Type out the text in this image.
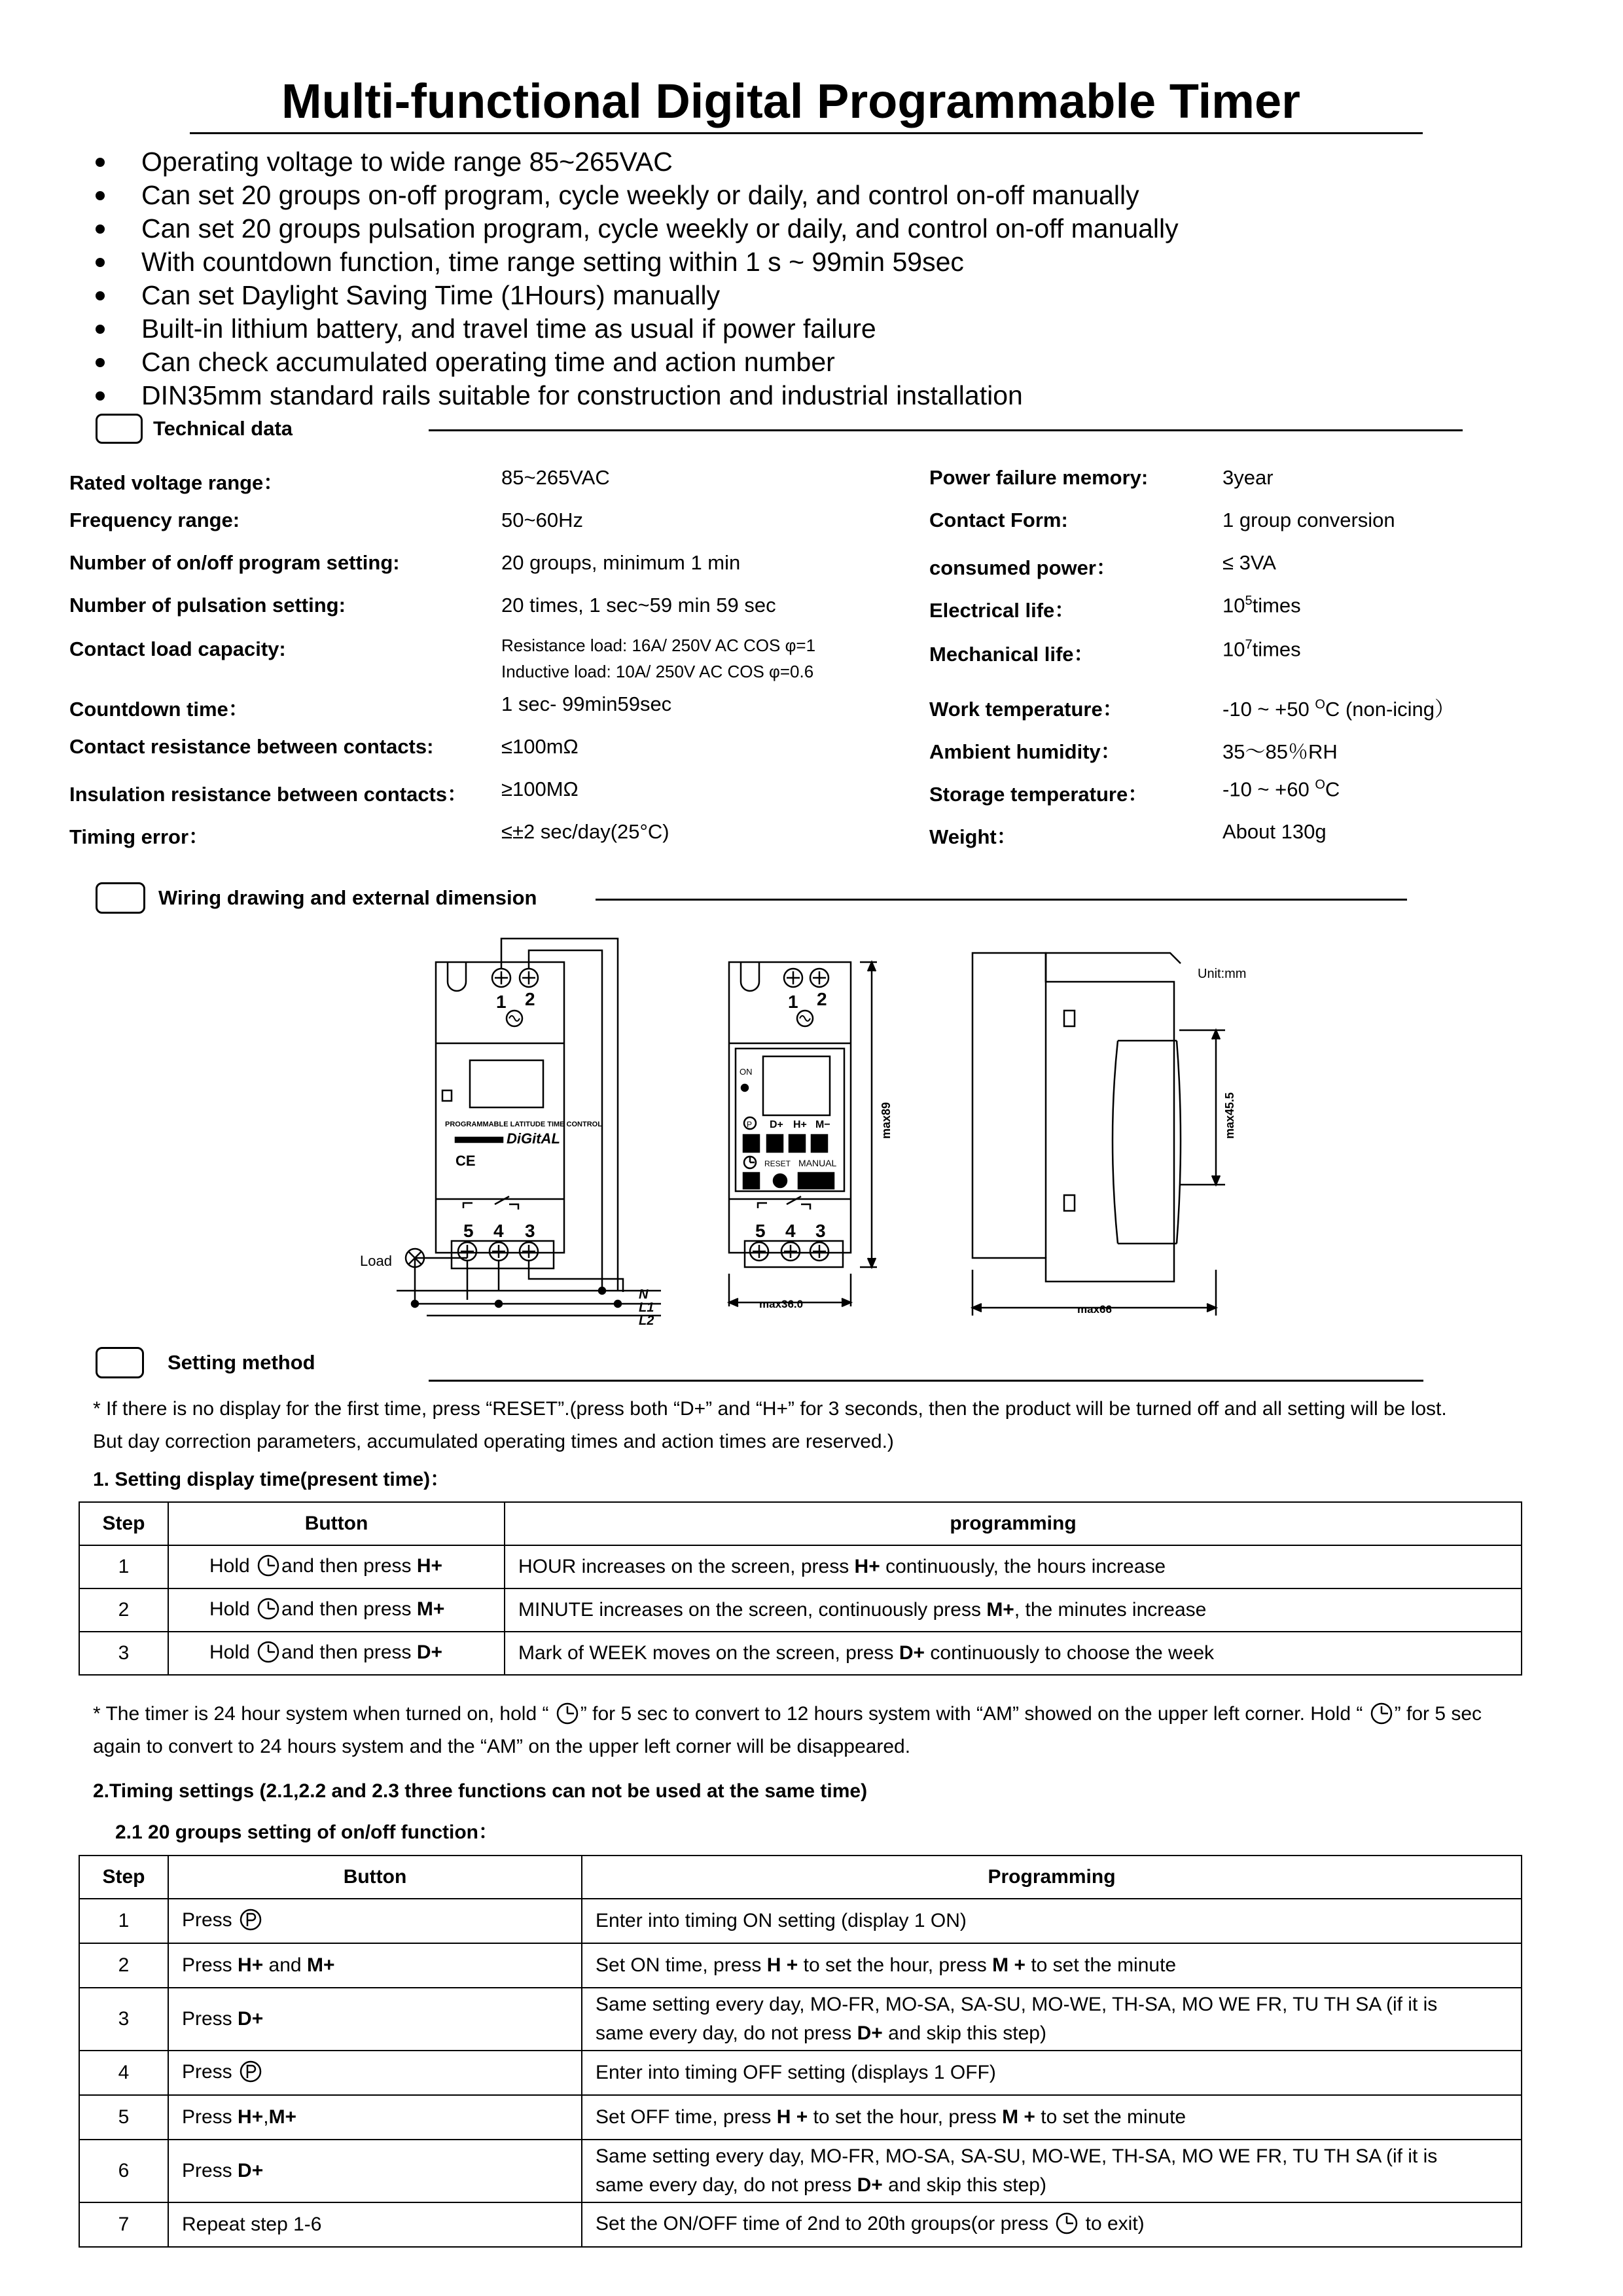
Multi-functional Digital Programmable Timer
Operating voltage to wide range 85~265VAC
Can set 20 groups on-off program, cycle weekly or daily, and control on-off manually
Can set 20 groups pulsation program, cycle weekly or daily, and control on-off manually
With countdown function, time range setting within 1 s ~ 99min 59sec
Can set Daylight Saving Time (1Hours) manually
Built-in lithium battery, and travel time as usual if power failure
Can check accumulated operating time and action number
DIN35mm standard rails suitable for construction and industrial installation
Technical data
Rated voltage range：	85~265VAC
Frequency range:	50~60Hz
Number of on/off program setting:	20 groups, minimum 1 min
Number of pulsation setting:	20 times, 1 sec~59 min 59 sec
Contact load capacity:	Resistance load: 16A/ 250V AC COS φ=1
Inductive load: 10A/ 250V AC COS φ=0.6
Countdown time：	1 sec- 99min59sec
Contact resistance between contacts:	≤100mΩ
Insulation resistance between contacts： ≥100MΩ
Timing error：	≤±2 sec/day(25°C)
Power failure memory:	3year
Contact Form:	1 group conversion
consumed power：	≤ 3VA
Electrical life：	$10^5times$
Mechanical life：	$10^7times$
Work temperature：	-10 ~ +50 $^O$C (non-icing）
Ambient humidity：	35～85％RH
Storage temperature：	-10 ~ +60 $^O$C
Weight：	About 130g
Wiring drawing and external dimension
1 2
PROGRAMMABLE LATITUDE TIME CONTROL
DiGitAL
CE
5 4 3
Load
N
L1
L2
1 2
ON
P D+ H+ M−
RESET MANUAL
5 4 3
max89
max36.0
Unit:mm
max45.5
max66
Setting method
* If there is no display for the first time, press “RESET”.(press both “D+” and “H+” for 3 seconds, then the product will be turned off and all setting will be lost.
But day correction parameters, accumulated operating times and action times are reserved.)
1. Setting display time(present time)：
Step	Button	programming
1	Hold and then press H+	HOUR increases on the screen, press H+ continuously, the hours increase
2	Hold and then press M+	MINUTE increases on the screen, continuously press M+, the minutes increase
3	Hold and then press D+	Mark of WEEK moves on the screen, press D+ continuously to choose the week
* The timer is 24 hour system when turned on, hold “ ” for 5 sec to convert to 12 hours system with “AM” showed on the upper left corner. Hold “ ” for 5 sec
again to convert to 24 hours system and the “AM” on the upper left corner will be disappeared.
2.Timing settings (2.1,2.2 and 2.3 three functions can not be used at the same time)
2.1 20 groups setting of on/off function：
Step	Button	Programming
1	Press	Enter into timing ON setting (display 1 ON)
2	Press H+ and M+	Set ON time, press H + to set the hour, press M + to set the minute
3	Press D+	Same setting every day, MO-FR, MO-SA, SA-SU, MO-WE, TH-SA, MO WE FR, TU TH SA (if it is
same every day, do not press D+ and skip this step)

4	Press	Enter into timing OFF setting (displays 1 OFF)
5	Press H+,M+	Set OFF time, press H + to set the hour, press M + to set the minute
6	Press D+	Same setting every day, MO-FR, MO-SA, SA-SU, MO-WE, TH-SA, MO WE FR, TU TH SA (if it is
same every day, do not press D+ and skip this step)

7	Repeat step 1-6	Set the ON/OFF time of 2nd to 20th groups(or press  to exit)
